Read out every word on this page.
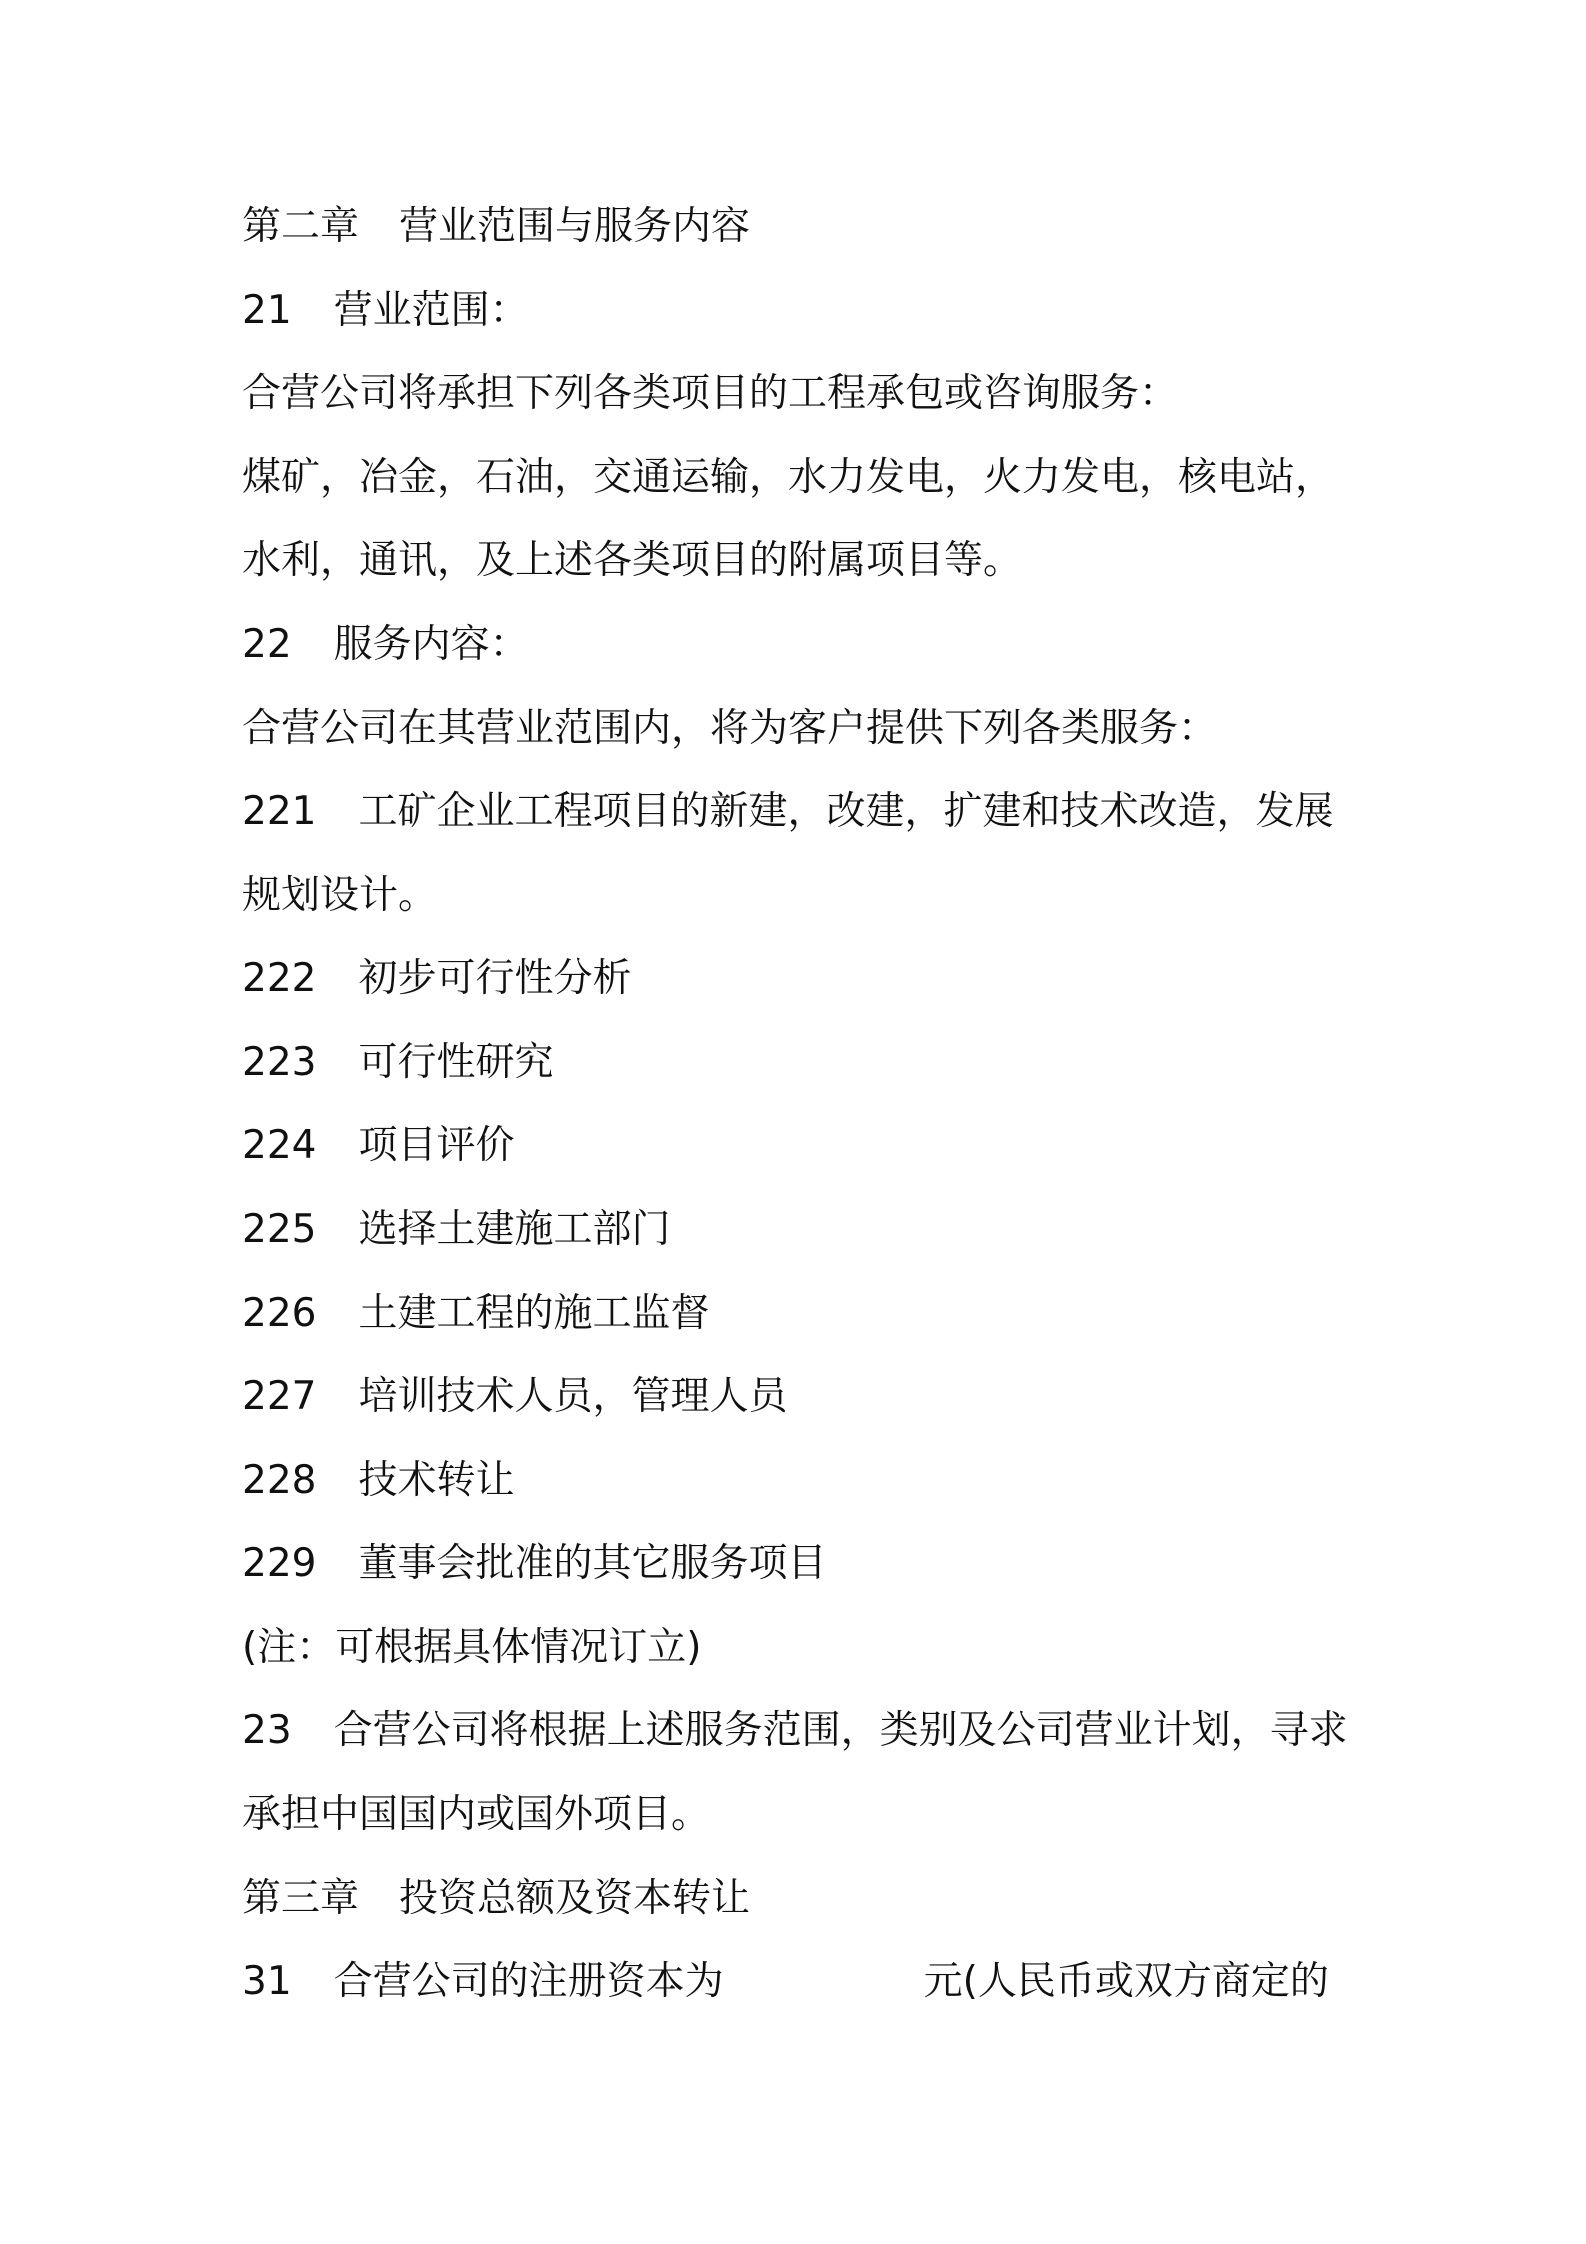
第二章 营业范围与服务内容
21 营业范围：
合营公司将承担下列各类项目的工程承包或咨询服务：
煤矿，冶金，石油，交通运输，水力发电，火力发电，核电站，
水利，通讯，及上述各类项目的附属项目等。
22 服务内容：
合营公司在其营业范围内，将为客户提供下列各类服务：
221 工矿企业工程项目的新建，改建，扩建和技术改造，发展
规划设计。
222 初步可行性分析
223 可行性研究
224 项目评价
225 选择土建施工部门
226 土建工程的施工监督
227 培训技术人员，管理人员
228 技术转让
229 董事会批准的其它服务项目
(注：可根据具体情况订立)
23 合营公司将根据上述服务范围，类别及公司营业计划，寻求
承担中国国内或国外项目。
第三章 投资总额及资本转让
31 合营公司的注册资本为	元(人民币或双方商定的
